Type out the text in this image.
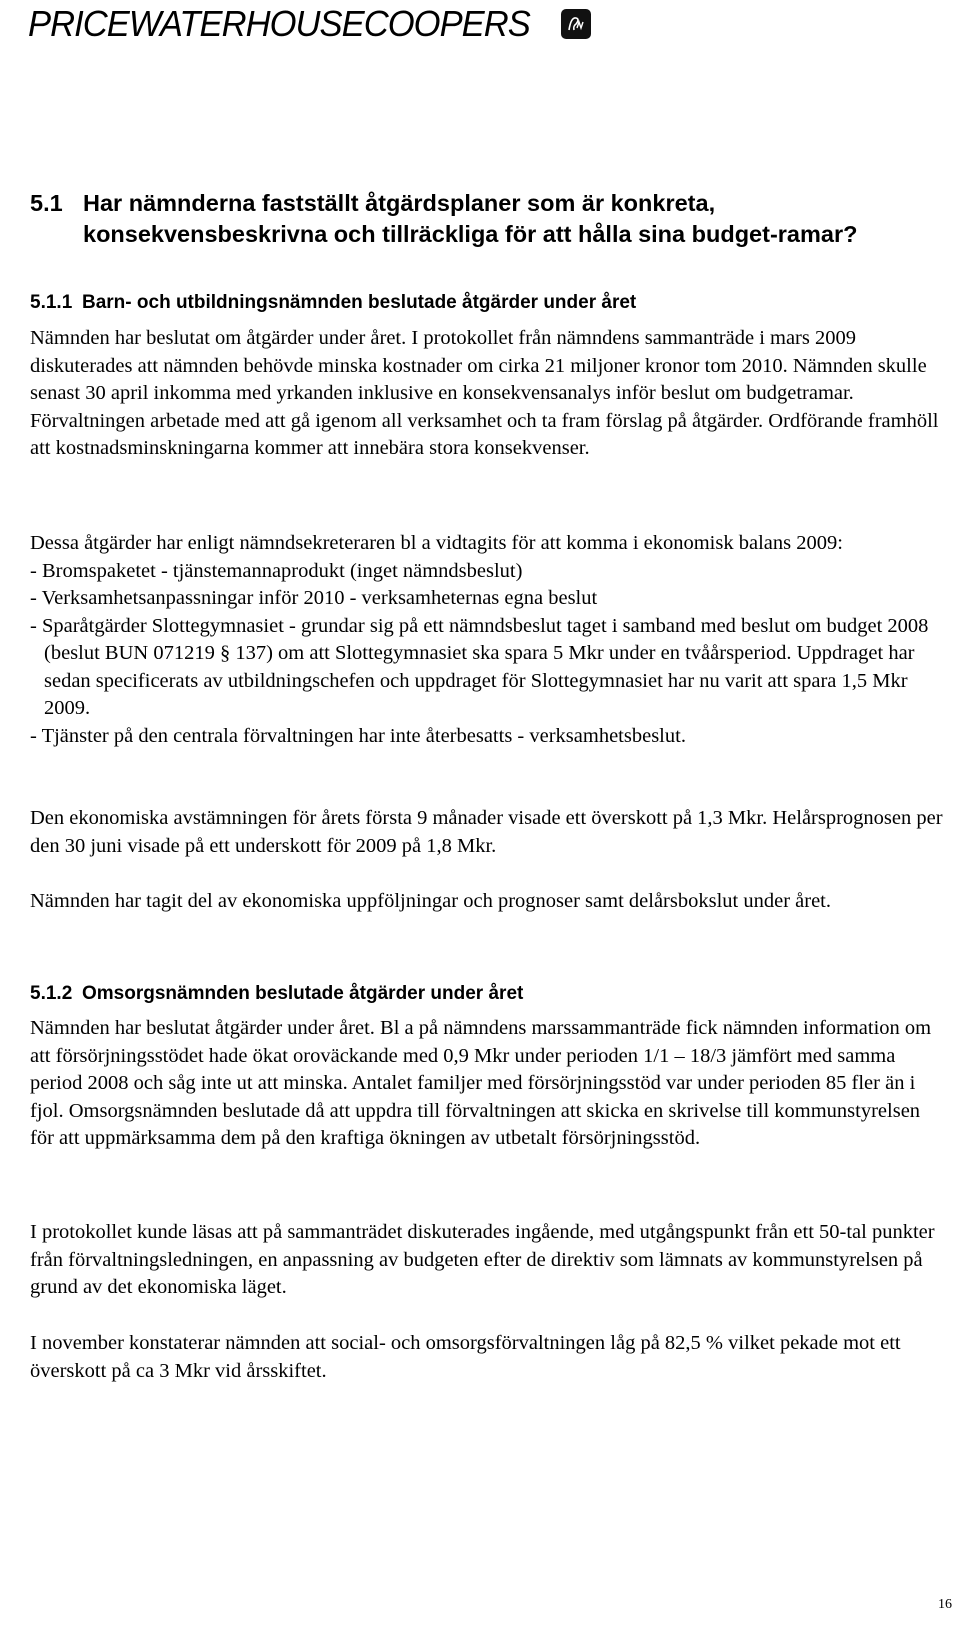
PRICEWATERHOUSECOOPERS
5.1 Har nämnderna fastställt åtgärdsplaner som är konkreta, konsekvensbeskrivna och tillräckliga för att hålla sina budget-ramar?
5.1.1 Barn- och utbildningsnämnden beslutade åtgärder under året

Nämnden har beslutat om åtgärder under året. I protokollet från nämndens sammanträde i mars 2009 diskuterades att nämnden behövde minska kostnader om cirka 21 miljoner kronor tom 2010. Nämnden skulle senast 30 april inkomma med yrkanden inklusive en konsekvensanalys inför beslut om budgetramar. Förvaltningen arbetade med att gå igenom all verksamhet och ta fram förslag på åtgärder. Ordförande framhöll att kostnadsminskningarna kommer att innebära stora konsekvenser.

Dessa åtgärder har enligt nämndsekreteraren bl a vidtagits för att komma i ekonomisk balans 2009:

- Bromspaketet - tjänstemannaprodukt (inget nämndsbeslut)

- Verksamhetsanpassningar inför 2010 - verksamheternas egna beslut

- Sparåtgärder Slottegymnasiet - grundar sig på ett nämndsbeslut taget i samband med beslut om budget 2008 (beslut BUN 071219 § 137) om att Slottegymnasiet ska spara 5 Mkr under en tvåårsperiod. Uppdraget har sedan specificerats av utbildningschefen och uppdraget för Slottegymnasiet har nu varit att spara 1,5 Mkr 2009.

- Tjänster på den centrala förvaltningen har inte återbesatts - verksamhetsbeslut.

Den ekonomiska avstämningen för årets första 9 månader visade ett överskott på 1,3 Mkr. Helårsprognosen per den 30 juni visade på ett underskott för 2009 på 1,8 Mkr.

Nämnden har tagit del av ekonomiska uppföljningar och prognoser samt delårsbokslut under året.

5.1.2 Omsorgsnämnden beslutade åtgärder under året

Nämnden har beslutat åtgärder under året. Bl a på nämndens marssammanträde fick nämnden information om att försörjningsstödet hade ökat oroväckande med 0,9 Mkr under perioden 1/1 – 18/3 jämfört med samma period 2008 och såg inte ut att minska. Antalet familjer med försörjningsstöd var under perioden 85 fler än i fjol. Omsorgsnämnden beslutade då att uppdra till förvaltningen att skicka en skrivelse till kommunstyrelsen för att uppmärksamma dem på den kraftiga ökningen av utbetalt försörjningsstöd.

I protokollet kunde läsas att på sammanträdet diskuterades ingående, med utgångspunkt från ett 50-tal punkter från förvaltningsledningen, en anpassning av budgeten efter de direktiv som lämnats av kommunstyrelsen på grund av det ekonomiska läget.

I november konstaterar nämnden att social- och omsorgsförvaltningen låg på 82,5 % vilket pekade mot ett överskott på ca 3 Mkr vid årsskiftet.

16
